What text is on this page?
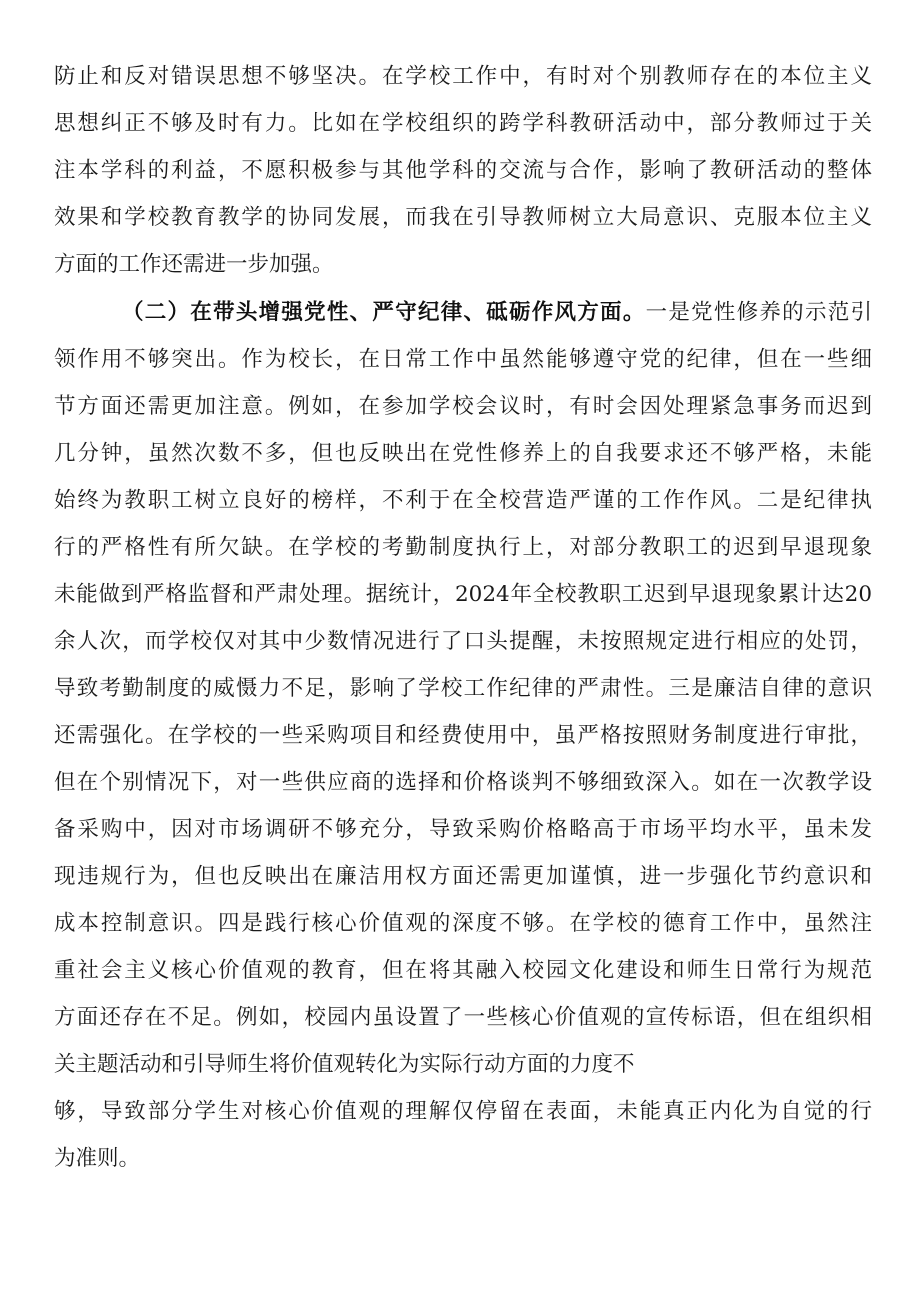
防止和反对错误思想不够坚决。在学校工作中，有时对个别教师存在的本位主义
思想纠正不够及时有力。比如在学校组织的跨学科教研活动中，部分教师过于关
注本学科的利益，不愿积极参与其他学科的交流与合作，影响了教研活动的整体
效果和学校教育教学的协同发展，而我在引导教师树立大局意识、克服本位主义
方面的工作还需进一步加强。
（二）在带头增强党性、严守纪律、砥砺作风方面。一是党性修养的示范引
领作用不够突出。作为校长，在日常工作中虽然能够遵守党的纪律，但在一些细
节方面还需更加注意。例如，在参加学校会议时，有时会因处理紧急事务而迟到
几分钟，虽然次数不多，但也反映出在党性修养上的自我要求还不够严格，未能
始终为教职工树立良好的榜样，不利于在全校营造严谨的工作作风。二是纪律执
行的严格性有所欠缺。在学校的考勤制度执行上，对部分教职工的迟到早退现象
未能做到严格监督和严肃处理。据统计，2024年全校教职工迟到早退现象累计达20
余人次，而学校仅对其中少数情况进行了口头提醒，未按照规定进行相应的处罚，
导致考勤制度的威慑力不足，影响了学校工作纪律的严肃性。三是廉洁自律的意识
还需强化。在学校的一些采购项目和经费使用中，虽严格按照财务制度进行审批，
但在个别情况下，对一些供应商的选择和价格谈判不够细致深入。如在一次教学设
备采购中，因对市场调研不够充分，导致采购价格略高于市场平均水平，虽未发
现违规行为，但也反映出在廉洁用权方面还需更加谨慎，进一步强化节约意识和
成本控制意识。四是践行核心价值观的深度不够。在学校的德育工作中，虽然注
重社会主义核心价值观的教育，但在将其融入校园文化建设和师生日常行为规范
方面还存在不足。例如，校园内虽设置了一些核心价值观的宣传标语，但在组织相
关主题活动和引导师生将价值观转化为实际行动方面的力度不
够，导致部分学生对核心价值观的理解仅停留在表面，未能真正内化为自觉的行
为准则。
